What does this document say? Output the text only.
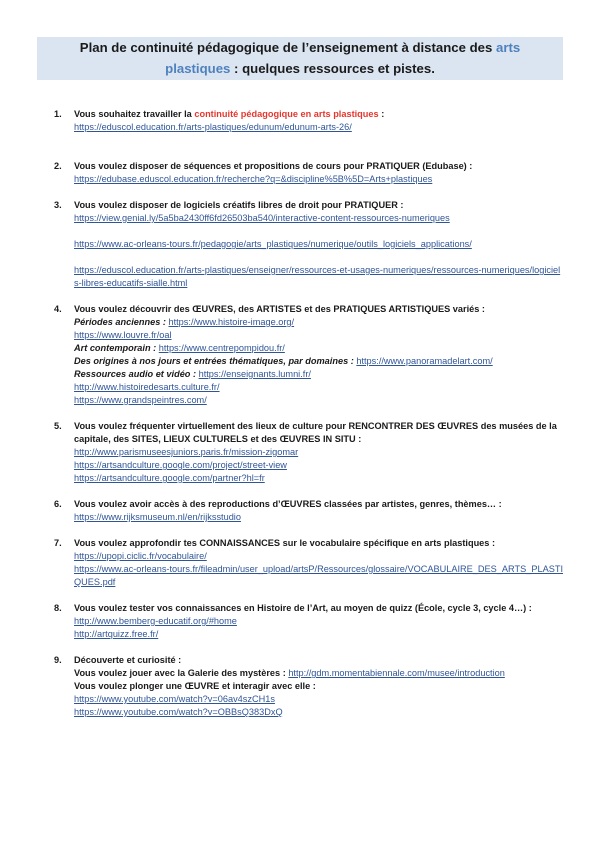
Plan de continuité pédagogique de l’enseignement à distance des arts
plastiques : quelques ressources et pistes.
1.	Vous souhaitez travailler la continuité pédagogique en arts plastiques :
https://eduscol.education.fr/arts-plastiques/edunum/edunum-arts-26/
2.	Vous voulez disposer de séquences et propositions de cours pour PRATIQUER (Edubase) :
https://edubase.eduscol.education.fr/recherche?q=&discipline%5B%5D=Arts+plastiques
3.	Vous voulez disposer de logiciels créatifs libres de droit pour PRATIQUER :
https://view.genial.ly/5a5ba2430ff6fd26503ba540/interactive-content-ressources-numeriques
https://www.ac-orleans-tours.fr/pedagogie/arts_plastiques/numerique/outils_logiciels_applications/
https://eduscol.education.fr/arts-plastiques/enseigner/ressources-et-usages-numeriques/ressources-numeriques/logiciels-libres-educatifs-sialle.html
4.	Vous voulez découvrir des ŒUVRES, des ARTISTES et des PRATIQUES ARTISTIQUES variés :
Périodes anciennes : https://www.histoire-image.org/
https://www.louvre.fr/oal
Art contemporain : https://www.centrepompidou.fr/
Des origines à nos jours et entrées thématiques, par domaines : https://www.panoramadelart.com/
Ressources audio et vidéo : https://enseignants.lumni.fr/
http://www.histoiredesarts.culture.fr/
https://www.grandspeintres.com/
5.	Vous voulez fréquenter virtuellement des lieux de culture pour RENCONTRER DES ŒUVRES des musées de la capitale, des SITES, LIEUX CULTURELS et des ŒUVRES IN SITU :
http://www.parismuseesjuniors.paris.fr/mission-zigomar
https://artsandculture.google.com/project/street-view
https://artsandculture.google.com/partner?hl=fr
6.	Vous voulez avoir accès à des reproductions d’ŒUVRES classées par artistes, genres, thèmes… :
https://www.rijksmuseum.nl/en/rijksstudio
7.	Vous voulez approfondir tes CONNAISSANCES sur le vocabulaire spécifique en arts plastiques :
https://upopi.ciclic.fr/vocabulaire/
https://www.ac-orleans-tours.fr/fileadmin/user_upload/artsP/Ressources/glossaire/VOCABULAIRE_DES_ARTS_PLASTIQUES.pdf
8.	Vous voulez tester vos connaissances en Histoire de l’Art, au moyen de quizz (École, cycle 3, cycle 4…) :
http://www.bemberg-educatif.org/#home
http://artquizz.free.fr/
9.	Découverte et curiosité :
Vous voulez jouer avec la Galerie des mystères : http://gdm.momentabiennale.com/musee/introduction
Vous voulez plonger une ŒUVRE et interagir avec elle :
https://www.youtube.com/watch?v=06av4szCH1s
https://www.youtube.com/watch?v=OBBsQ383DxQ
